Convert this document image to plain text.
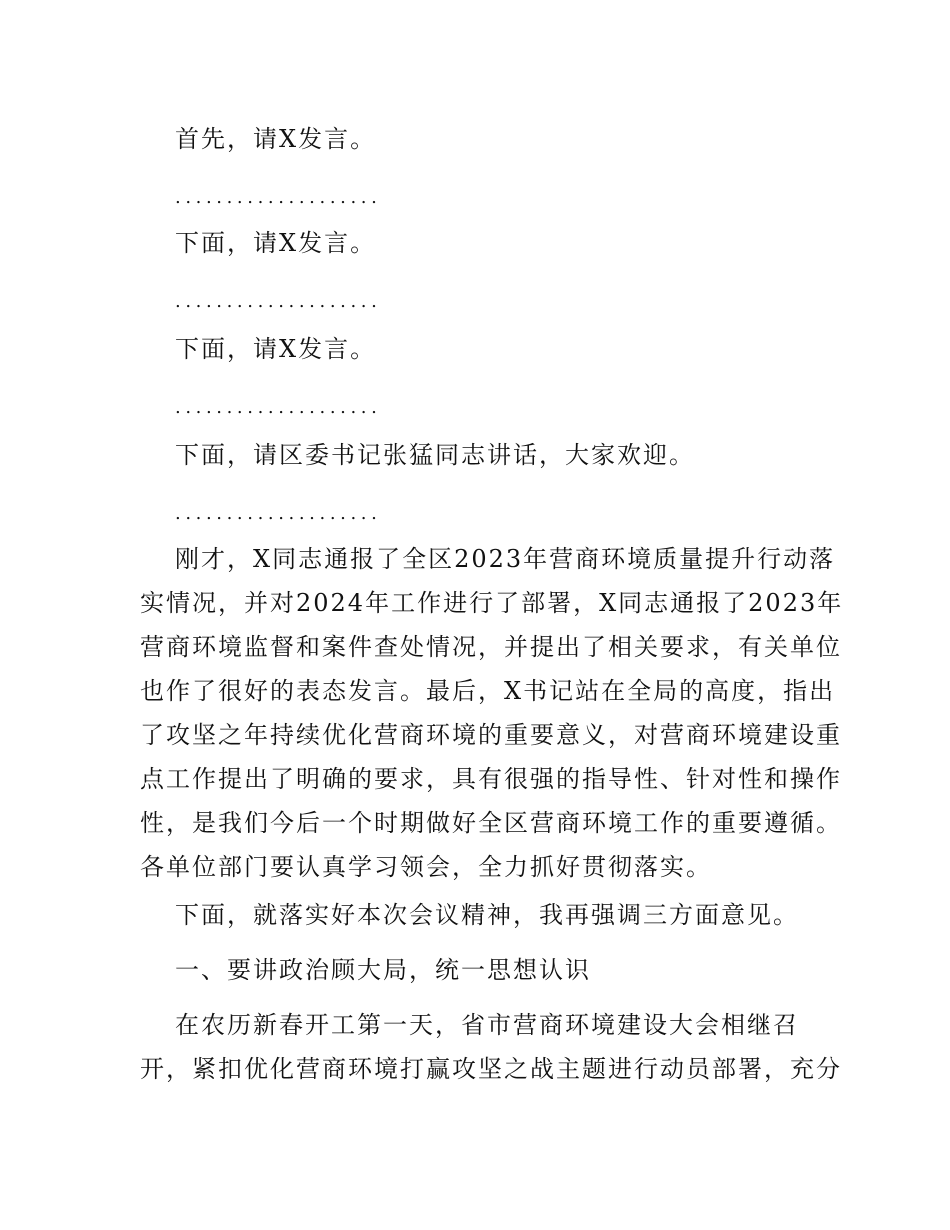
首先，请X发言。
....................
下面，请X发言。
....................
下面，请X发言。
....................
下面，请区委书记张猛同志讲话，大家欢迎。
....................
刚才，X同志通报了全区2023年营商环境质量提升行动落
实情况，并对2024年工作进行了部署，X同志通报了2023年
营商环境监督和案件查处情况，并提出了相关要求，有关单位
也作了很好的表态发言。最后，X书记站在全局的高度，指出
了攻坚之年持续优化营商环境的重要意义，对营商环境建设重
点工作提出了明确的要求，具有很强的指导性、针对性和操作
性，是我们今后一个时期做好全区营商环境工作的重要遵循。
各单位部门要认真学习领会，全力抓好贯彻落实。
下面，就落实好本次会议精神，我再强调三方面意见。
一、要讲政治顾大局，统一思想认识
在农历新春开工第一天，省市营商环境建设大会相继召
开，紧扣优化营商环境打赢攻坚之战主题进行动员部署，充分
